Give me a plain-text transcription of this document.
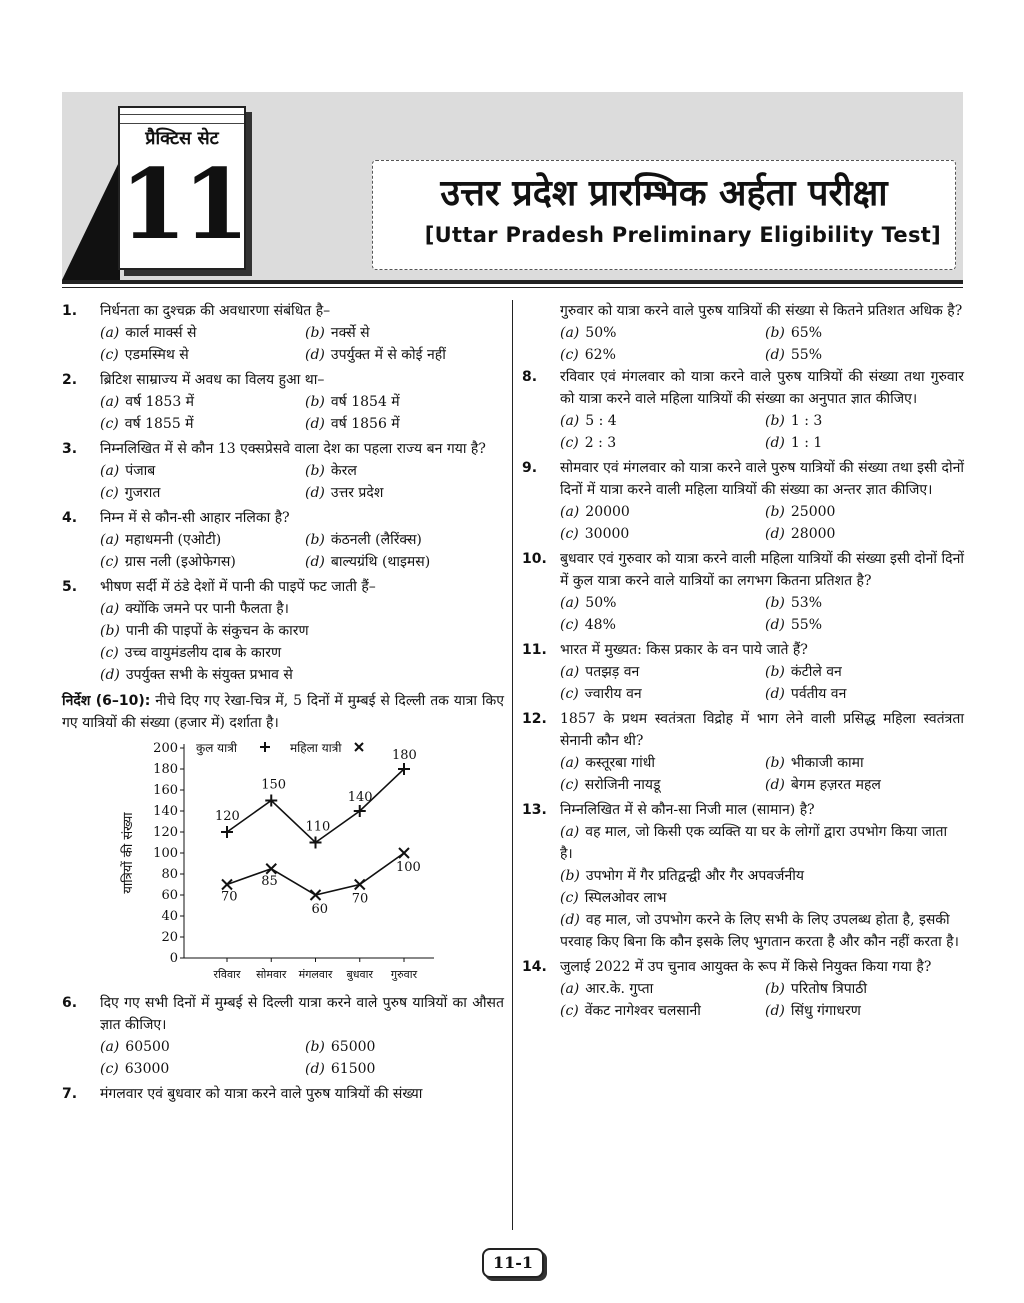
प्रैक्टिस सेट
11	उत्तर प्रदेश प्रारम्भिक अर्हता परीक्षा
[Uttar Pradesh Preliminary Eligibility Test]
1. निर्धनता का दुश्चक्र की अवधारणा संबंधित है–
(a) कार्ल मार्क्स से	(b) नर्क्से से
(c) एडमस्मिथ से	(d) उपर्युक्त में से कोई नहीं
2. ब्रिटिश साम्राज्य में अवध का विलय हुआ था–
(a) वर्ष 1853 में	(b) वर्ष 1854 में
(c) वर्ष 1855 में	(d) वर्ष 1856 में
3. निम्नलिखित में से कौन 13 एक्सप्रेसवे वाला देश का पहला राज्य बन गया है?
(a) पंजाब	(b) केरल
(c) गुजरात	(d) उत्तर प्रदेश
4. निम्न में से कौन-सी आहार नलिका है?
(a) महाधमनी (एओटी)	(b) कंठनली (लैरिंक्स)
(c) ग्रास नली (इओफेगस)	(d) बाल्यग्रंथि (थाइमस)
5. भीषण सर्दी में ठंडे देशों में पानी की पाइपें फट जाती हैं–
(a) क्योंकि जमने पर पानी फैलता है।
(b) पानी की पाइपों के संकुचन के कारण
(c) उच्च वायुमंडलीय दाब के कारण
(d) उपर्युक्त सभी के संयुक्त प्रभाव से
निर्देश (6–10): नीचे दिए गए रेखा-चित्र में, 5 दिनों में मुम्बई से दिल्ली तक यात्रा किए गए यात्रियों की संख्या (हजार में) दर्शाता है।
0
20
40
60
80
100
120
140
160
180
200
रविवार सोमवार मंगलवार बुधवार गुरुवार
यात्रियों की संख्या	120
150
110
140
180
70
85
60
70
100
कुल यात्री	महिला यात्री
6. दिए गए सभी दिनों में मुम्बई से दिल्ली यात्रा करने वाले पुरुष यात्रियों का औसत ज्ञात कीजिए।
(a) 60500	(b) 65000
(c) 63000	(d) 61500
7. मंगलवार एवं बुधवार को यात्रा करने वाले पुरुष यात्रियों की संख्या
गुरुवार को यात्रा करने वाले पुरुष यात्रियों की संख्या से कितने प्रतिशत अधिक है?
(a) 50%	(b) 65%
(c) 62%	(d) 55%
8. रविवार एवं मंगलवार को यात्रा करने वाले पुरुष यात्रियों की संख्या तथा गुरुवार को यात्रा करने वाले महिला यात्रियों की संख्या का अनुपात ज्ञात कीजिए।
(a) 5 : 4	(b) 1 : 3
(c) 2 : 3	(d) 1 : 1
9. सोमवार एवं मंगलवार को यात्रा करने वाले पुरुष यात्रियों की संख्या तथा इसी दोनों दिनों में यात्रा करने वाली महिला यात्रियों की संख्या का अन्तर ज्ञात कीजिए।
(a) 20000	(b) 25000
(c) 30000	(d) 28000
10. बुधवार एवं गुरुवार को यात्रा करने वाली महिला यात्रियों की संख्या इसी दोनों दिनों में कुल यात्रा करने वाले यात्रियों का लगभग कितना प्रतिशत है?
(a) 50%	(b) 53%
(c) 48%	(d) 55%
11. भारत में मुख्यत: किस प्रकार के वन पाये जाते हैं?
(a) पतझड़ वन	(b) कंटीले वन
(c) ज्वारीय वन	(d) पर्वतीय वन
12. 1857 के प्रथम स्वतंत्रता विद्रोह में भाग लेने वाली प्रसिद्ध महिला स्वतंत्रता सेनानी कौन थी?
(a) कस्तूरबा गांधी	(b) भीकाजी कामा
(c) सरोजिनी नायडू	(d) बेगम हज़रत महल
13. निम्नलिखित में से कौन-सा निजी माल (सामान) है?
(a) वह माल, जो किसी एक व्यक्ति या घर के लोगों द्वारा उपभोग किया जाता है।
(b) उपभोग में गैर प्रतिद्वन्द्वी और गैर अपवर्जनीय
(c) स्पिलओवर लाभ
(d) वह माल, जो उपभोग करने के लिए सभी के लिए उपलब्ध होता है, इसकी परवाह किए बिना कि कौन इसके लिए भुगतान करता है और कौन नहीं करता है।
14. जुलाई 2022 में उप चुनाव आयुक्त के रूप में किसे नियुक्त किया गया है?
(a) आर.के. गुप्ता	(b) परितोष त्रिपाठी
(c) वेंकट नागेश्वर चलसानी	(d) सिंधु गंगाधरण
11-1
